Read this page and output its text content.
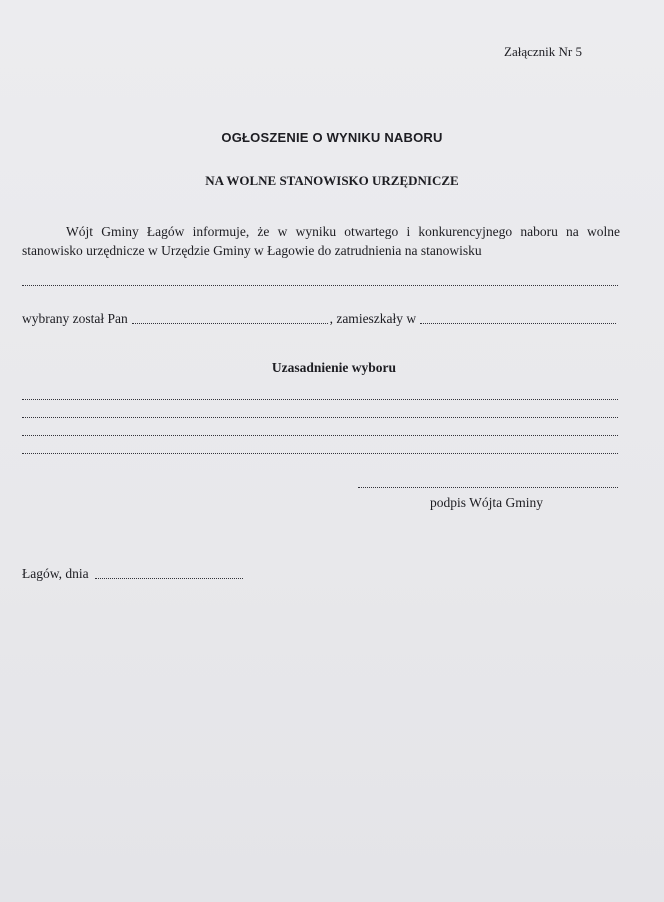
Załącznik Nr 5
OGŁOSZENIE O WYNIKU NABORU
NA WOLNE STANOWISKO URZĘDNICZE
Wójt Gminy Łagów informuje, że w wyniku otwartego i konkurencyjnego naboru na wolne stanowisko urzędnicze w Urzędzie Gminy w Łagowie do zatrudnienia na stanowisku
wybrany został Pan	, zamieszkały w
Uzasadnienie wyboru
podpis Wójta Gminy
Łagów, dnia
